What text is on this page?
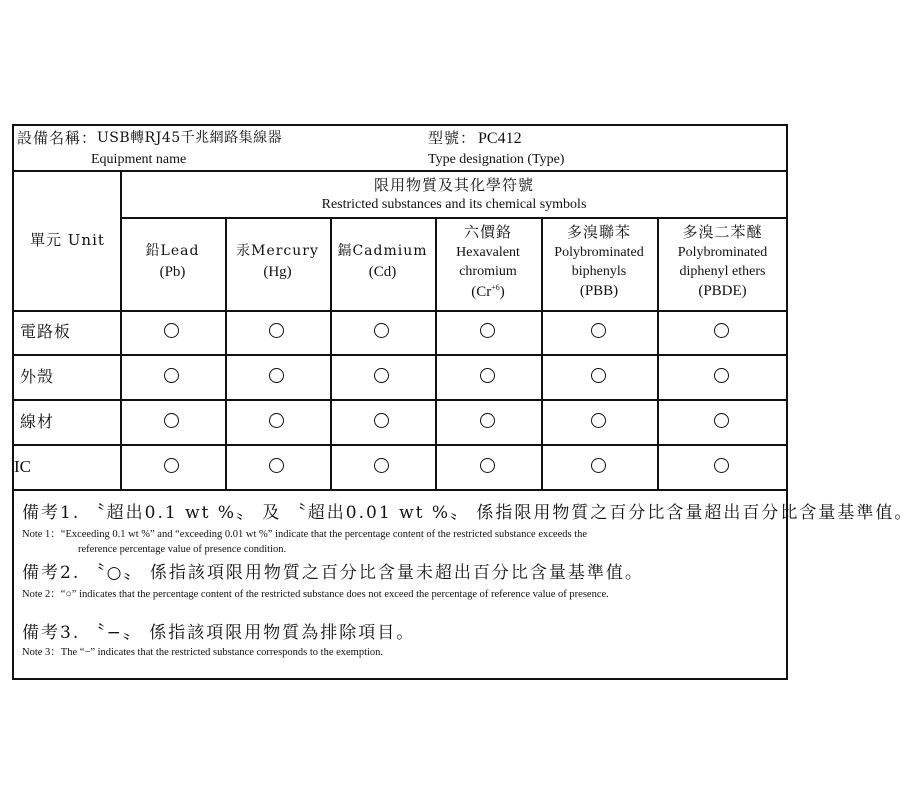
設備名稱： USB轉RJ45千兆網路集線器
Equipment name
型號： PC412
Type designation (Type)
單元 Unit
限用物質及其化學符號
Restricted substances and its chemical symbols
鉛Lead
(Pb)
汞Mercury
(Hg)
鎘Cadmium
(Cd)
六價鉻
Hexavalent
chromium
$(Cr^{+6})$
多溴聯苯
Polybrominated
biphenyls
(PBB)
多溴二苯醚
Polybrominated
diphenyl ethers
(PBDE)
電路板
外殼
線材
IC
備考1. 〝超出0.1 wt %〟 及 〝超出0.01 wt %〟 係指限用物質之百分比含量超出百分比含量基準值。
Note 1：“Exceeding 0.1 wt %” and “exceeding 0.01 wt %” indicate that the percentage content of the restricted substance exceeds the
reference percentage value of presence condition.
備考2. 〝○〟 係指該項限用物質之百分比含量未超出百分比含量基準值。
Note 2：“○” indicates that the percentage content of the restricted substance does not exceed the percentage of reference value of presence.
備考3. 〝−〟 係指該項限用物質為排除項目。
Note 3：The “−” indicates that the restricted substance corresponds to the exemption.
